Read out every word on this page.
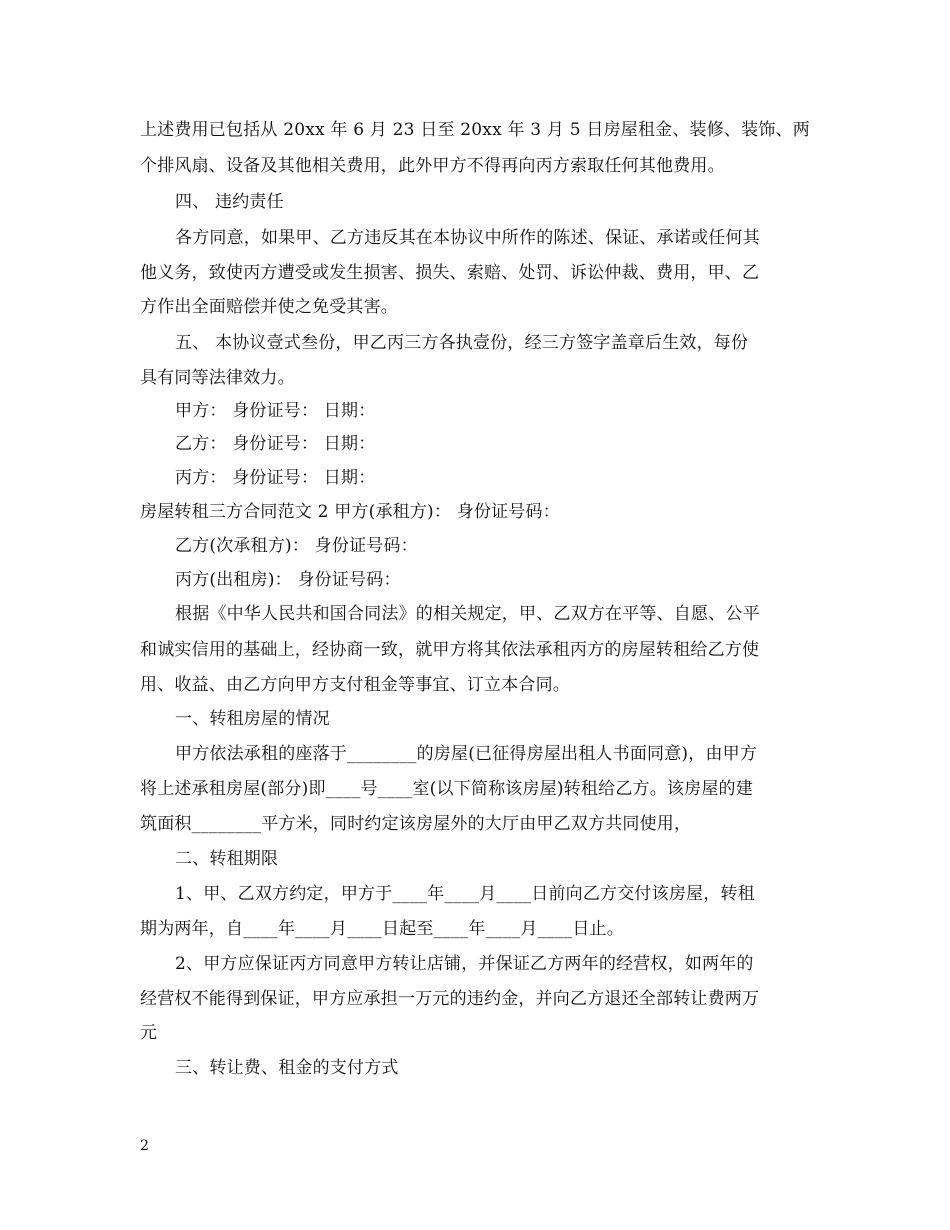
上述费用已包括从 20xx 年 6 月 23 日至 20xx 年 3 月 5 日房屋租金、装修、装饰、两
个排风扇、设备及其他相关费用，此外甲方不得再向丙方索取任何其他费用。
四、 违约责任
各方同意，如果甲、乙方违反其在本协议中所作的陈述、保证、承诺或任何其
他义务，致使丙方遭受或发生损害、损失、索赔、处罚、诉讼仲裁、费用，甲、乙
方作出全面赔偿并使之免受其害。
五、 本协议壹式叁份，甲乙丙三方各执壹份，经三方签字盖章后生效，每份
具有同等法律效力。
甲方： 身份证号： 日期：
乙方： 身份证号： 日期：
丙方： 身份证号： 日期：
房屋转租三方合同范文 2 甲方(承租方)： 身份证号码：
乙方(次承租方)： 身份证号码：
丙方(出租房)： 身份证号码：
根据《中华人民共和国合同法》的相关规定，甲、乙双方在平等、自愿、公平
和诚实信用的基础上，经协商一致，就甲方将其依法承租丙方的房屋转租给乙方使
用、收益、由乙方向甲方支付租金等事宜、订立本合同。
一、转租房屋的情况
甲方依法承租的座落于________的房屋(已征得房屋出租人书面同意)，由甲方
将上述承租房屋(部分)即____号____室(以下简称该房屋)转租给乙方。该房屋的建
筑面积________平方米，同时约定该房屋外的大厅由甲乙双方共同使用，
二、转租期限
1、甲、乙双方约定，甲方于____年____月____日前向乙方交付该房屋，转租
期为两年，自____年____月____日起至____年____月____日止。
2、甲方应保证丙方同意甲方转让店铺，并保证乙方两年的经营权，如两年的
经营权不能得到保证，甲方应承担一万元的违约金，并向乙方退还全部转让费两万
元
三、转让费、租金的支付方式
2
